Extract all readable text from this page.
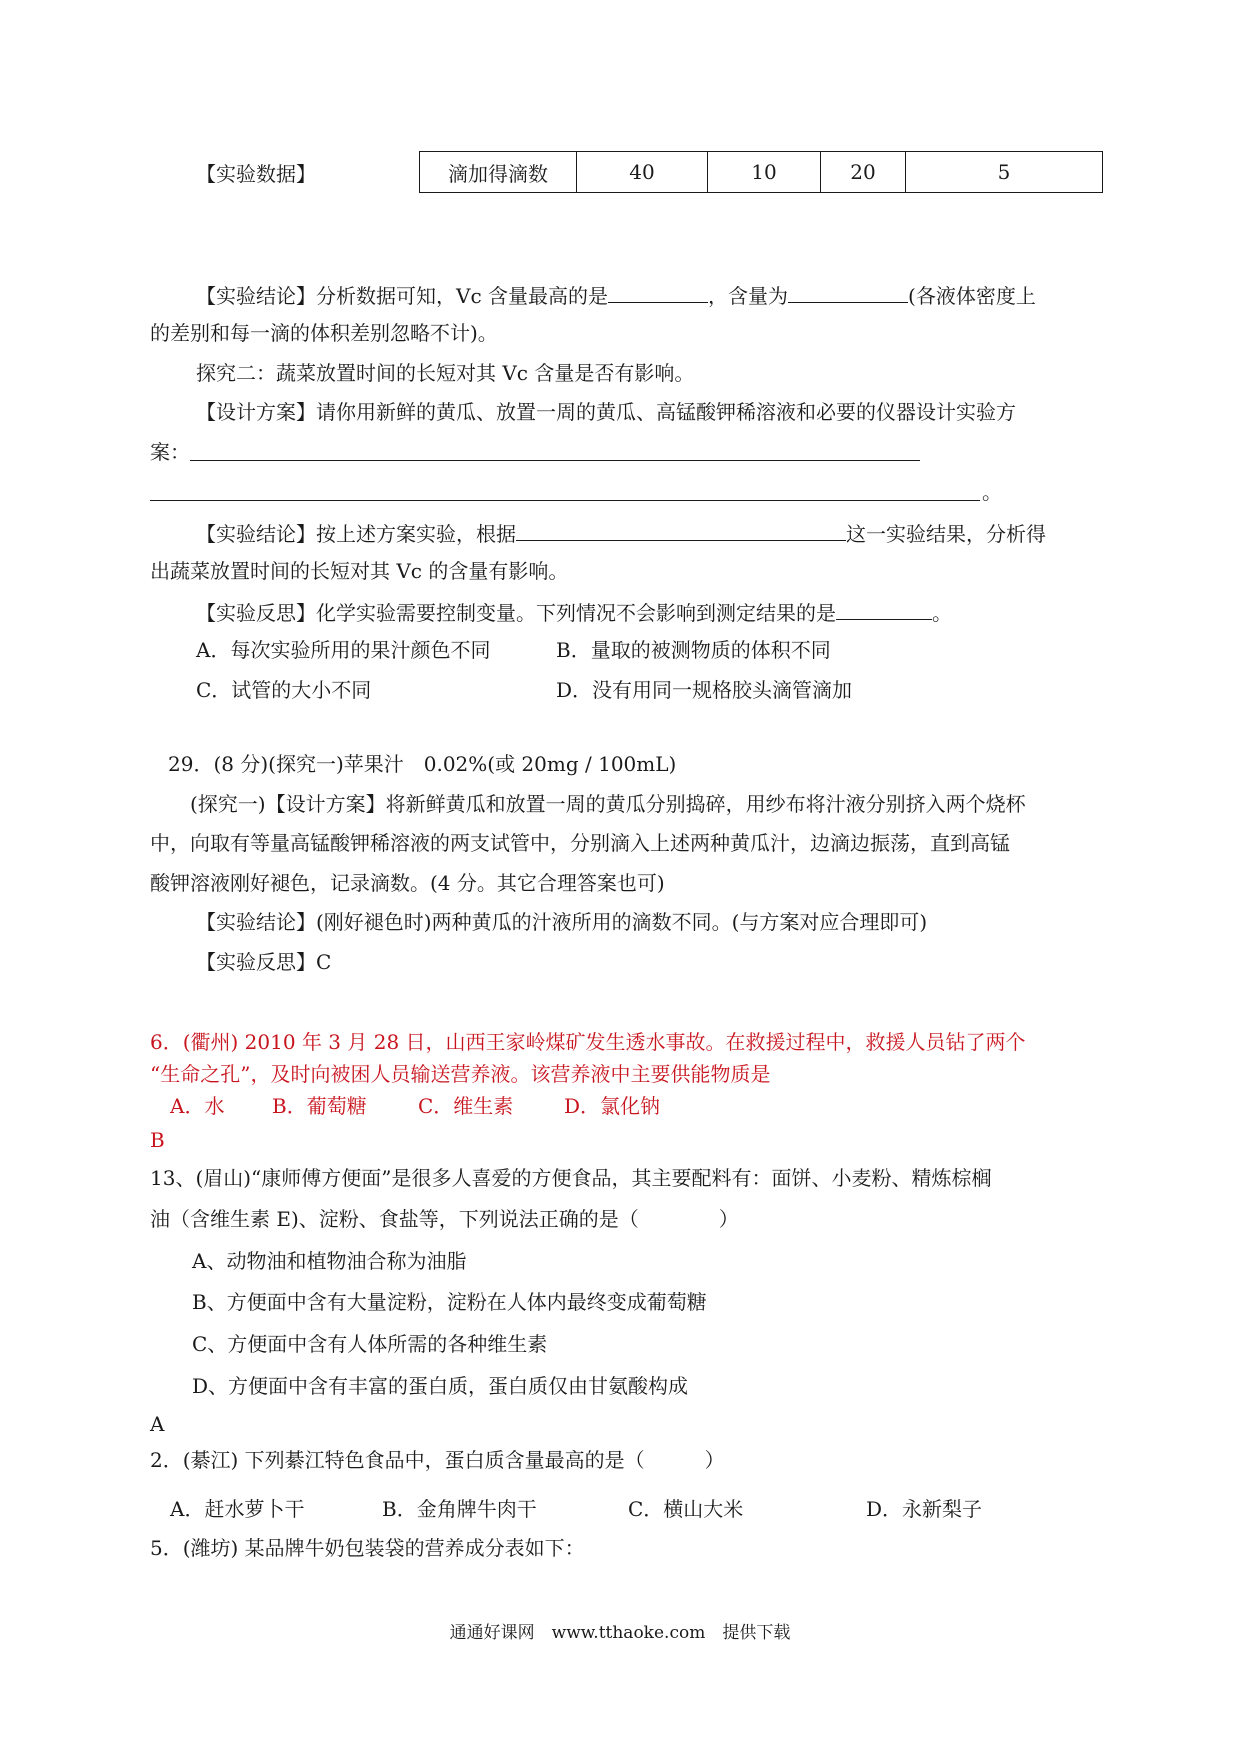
【实验数据】	滴加得滴数	40	10	20	5
【实验结论】分析数据可知，Vc 含量最高的是	，含量为	(各液体密度上
的差别和每一滴的体积差别忽略不计)。
探究二：蔬菜放置时间的长短对其 Vc 含量是否有影响。
【设计方案】请你用新鲜的黄瓜、放置一周的黄瓜、高锰酸钾稀溶液和必要的仪器设计实验方
案：
。
【实验结论】按上述方案实验，根据	这一实验结果，分析得
出蔬菜放置时间的长短对其 Vc 的含量有影响。
【实验反思】化学实验需要控制变量。下列情况不会影响到测定结果的是	。
A．每次实验所用的果汁颜色不同	B．量取的被测物质的体积不同
C．试管的大小不同	D．没有用同一规格胶头滴管滴加
29．(8 分)(探究一)苹果汁　0.02%(或 20mg / 100mL)
(探究一)【设计方案】将新鲜黄瓜和放置一周的黄瓜分别捣碎，用纱布将汁液分别挤入两个烧杯
中，向取有等量高锰酸钾稀溶液的两支试管中，分别滴入上述两种黄瓜汁，边滴边振荡，直到高锰
酸钾溶液刚好褪色，记录滴数。(4 分。其它合理答案也可)
【实验结论】(刚好褪色时)两种黄瓜的汁液所用的滴数不同。(与方案对应合理即可)
【实验反思】C
6．(衢州) 2010 年 3 月 28 日，山西王家岭煤矿发生透水事故。在救援过程中，救援人员钻了两个
“生命之孔”，及时向被困人员输送营养液。该营养液中主要供能物质是
A．水 B．葡萄糖	C．维生素	D．氯化钠
B
13、(眉山)“康师傅方便面”是很多人喜爱的方便食品，其主要配料有：面饼、小麦粉、精炼棕榈
油（含维生素 E)、淀粉、食盐等，下列说法正确的是（　　　　）
A、动物油和植物油合称为油脂
B、方便面中含有大量淀粉，淀粉在人体内最终变成葡萄糖
C、方便面中含有人体所需的各种维生素
D、方便面中含有丰富的蛋白质，蛋白质仅由甘氨酸构成
A
2．(綦江) 下列綦江特色食品中，蛋白质含量最高的是（　　　）
A．赶水萝卜干	B．金角牌牛肉干	C．横山大米	D．永新梨子
5．(潍坊) 某品牌牛奶包装袋的营养成分表如下：
通通好课网　www.tthaoke.com　提供下载
